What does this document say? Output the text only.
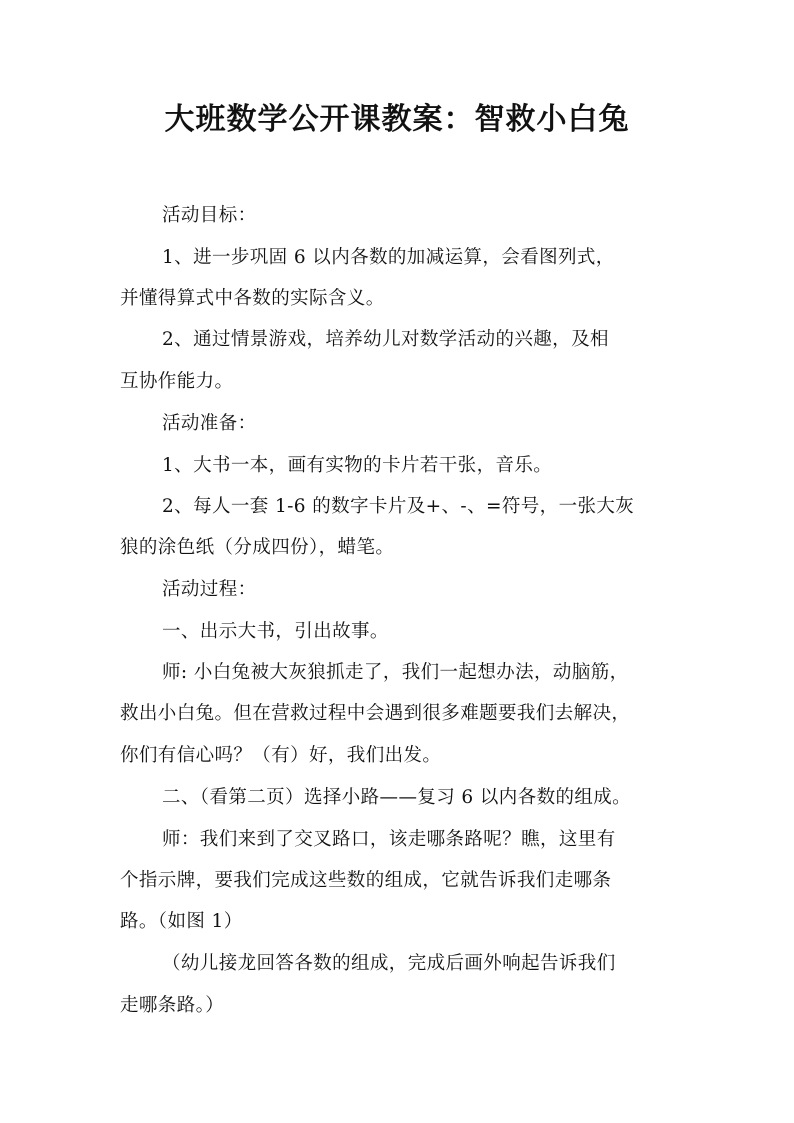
大班数学公开课教案：智救小白兔
活动目标：
1、进一步巩固 6 以内各数的加减运算，会看图列式，
并懂得算式中各数的实际含义。
2、通过情景游戏，培养幼儿对数学活动的兴趣，及相
互协作能力。
活动准备：
1、大书一本，画有实物的卡片若干张，音乐。
2、每人一套 1-6 的数字卡片及+、-、=符号，一张大灰
狼的涂色纸（分成四份），蜡笔。
活动过程：
一、出示大书，引出故事。
师: 小白兔被大灰狼抓走了，我们一起想办法，动脑筋，
救出小白兔。但在营救过程中会遇到很多难题要我们去解决，
你们有信心吗？（有）好，我们出发。
二、（看第二页）选择小路——复习 6 以内各数的组成。
师：我们来到了交叉路口，该走哪条路呢？瞧，这里有
个指示牌，要我们完成这些数的组成，它就告诉我们走哪条
路。（如图 1）
（幼儿接龙回答各数的组成，完成后画外响起告诉我们
走哪条路。）
